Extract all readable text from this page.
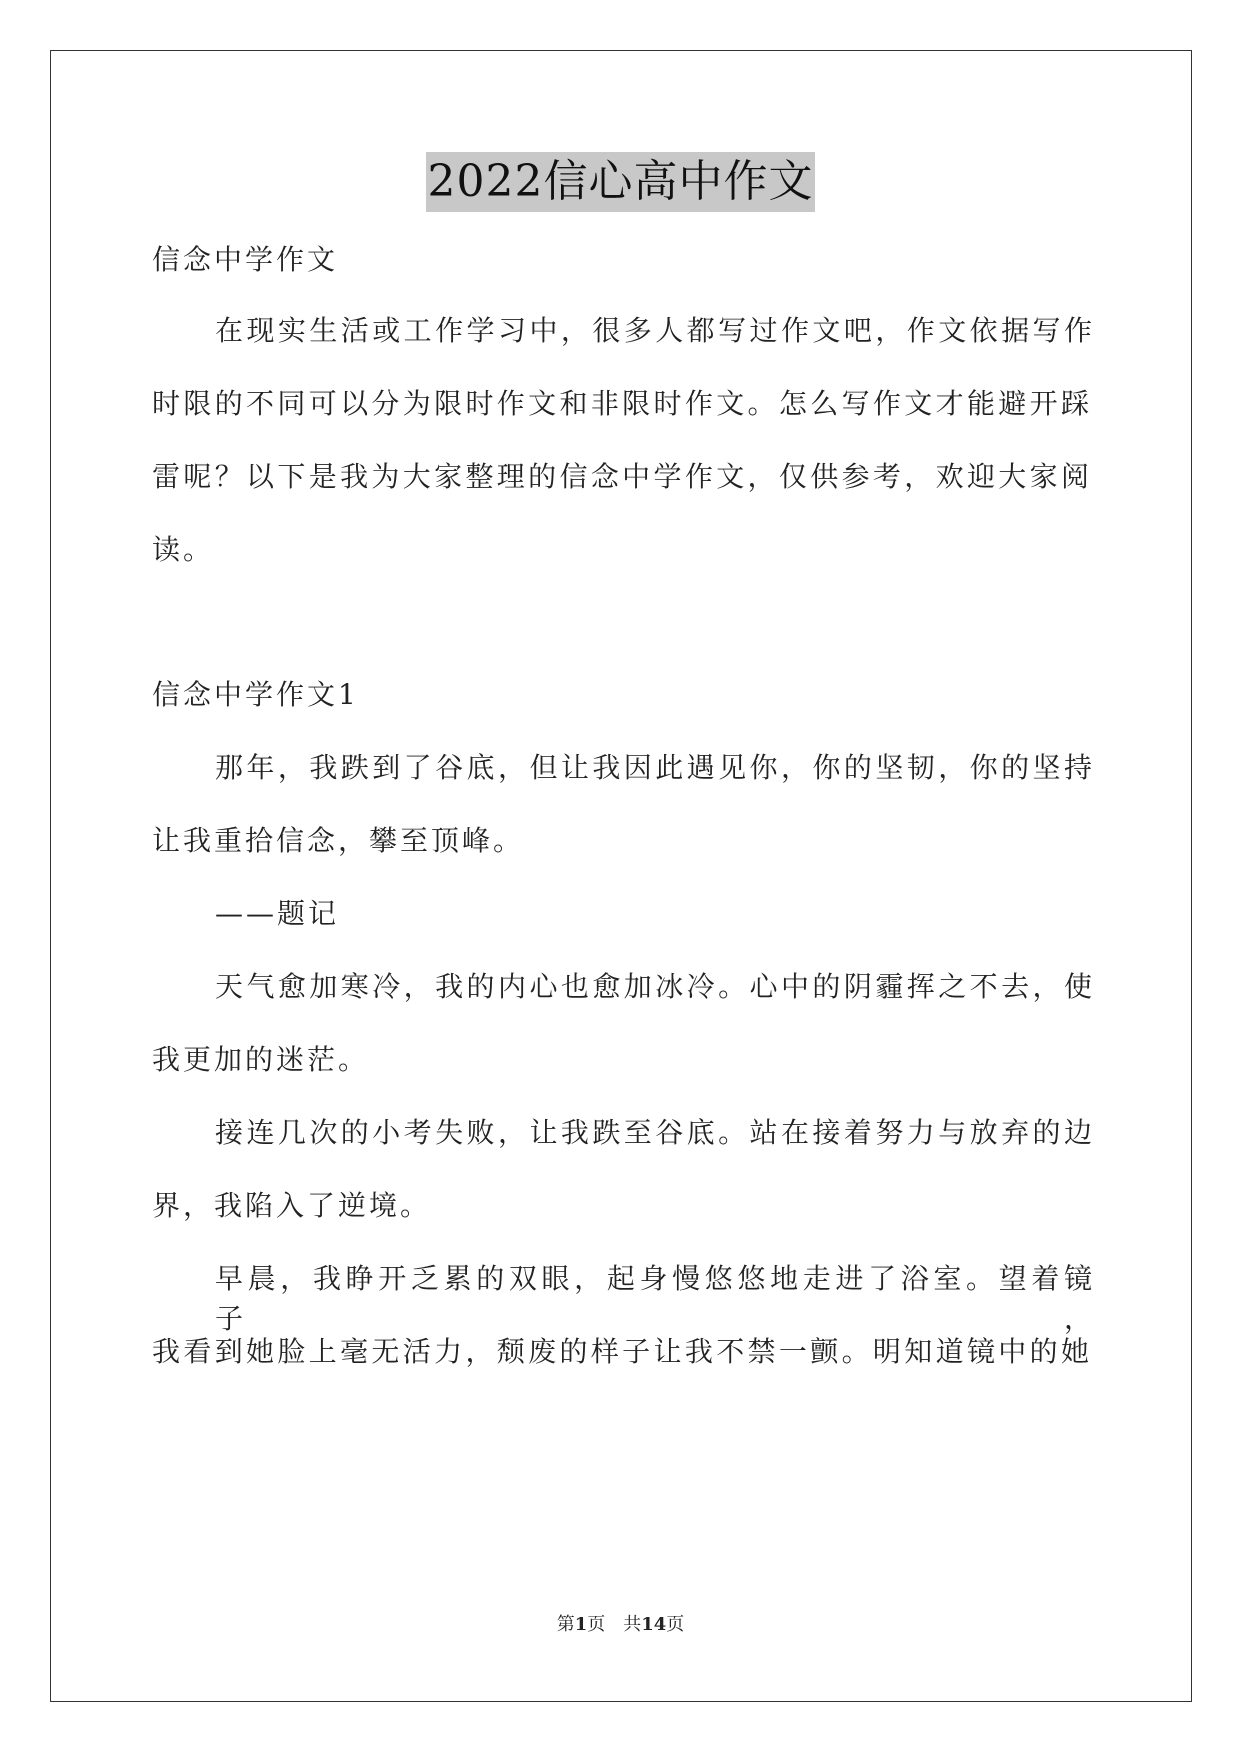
2022信心高中作文
信念中学作文
在现实生活或工作学习中，很多人都写过作文吧，作文依据写作
时限的不同可以分为限时作文和非限时作文。怎么写作文才能避开踩
雷呢？以下是我为大家整理的信念中学作文，仅供参考，欢迎大家阅
读。
信念中学作文1
那年，我跌到了谷底，但让我因此遇见你，你的坚韧，你的坚持
让我重拾信念，攀至顶峰。
——题记
天气愈加寒冷，我的内心也愈加冰冷。心中的阴霾挥之不去，使
我更加的迷茫。
接连几次的小考失败，让我跌至谷底。站在接着努力与放弃的边
界，我陷入了逆境。
早晨，我睁开乏累的双眼，起身慢悠悠地走进了浴室。望着镜子，
我看到她脸上毫无活力，颓废的样子让我不禁一颤。明知道镜中的她
第1页　共14页
